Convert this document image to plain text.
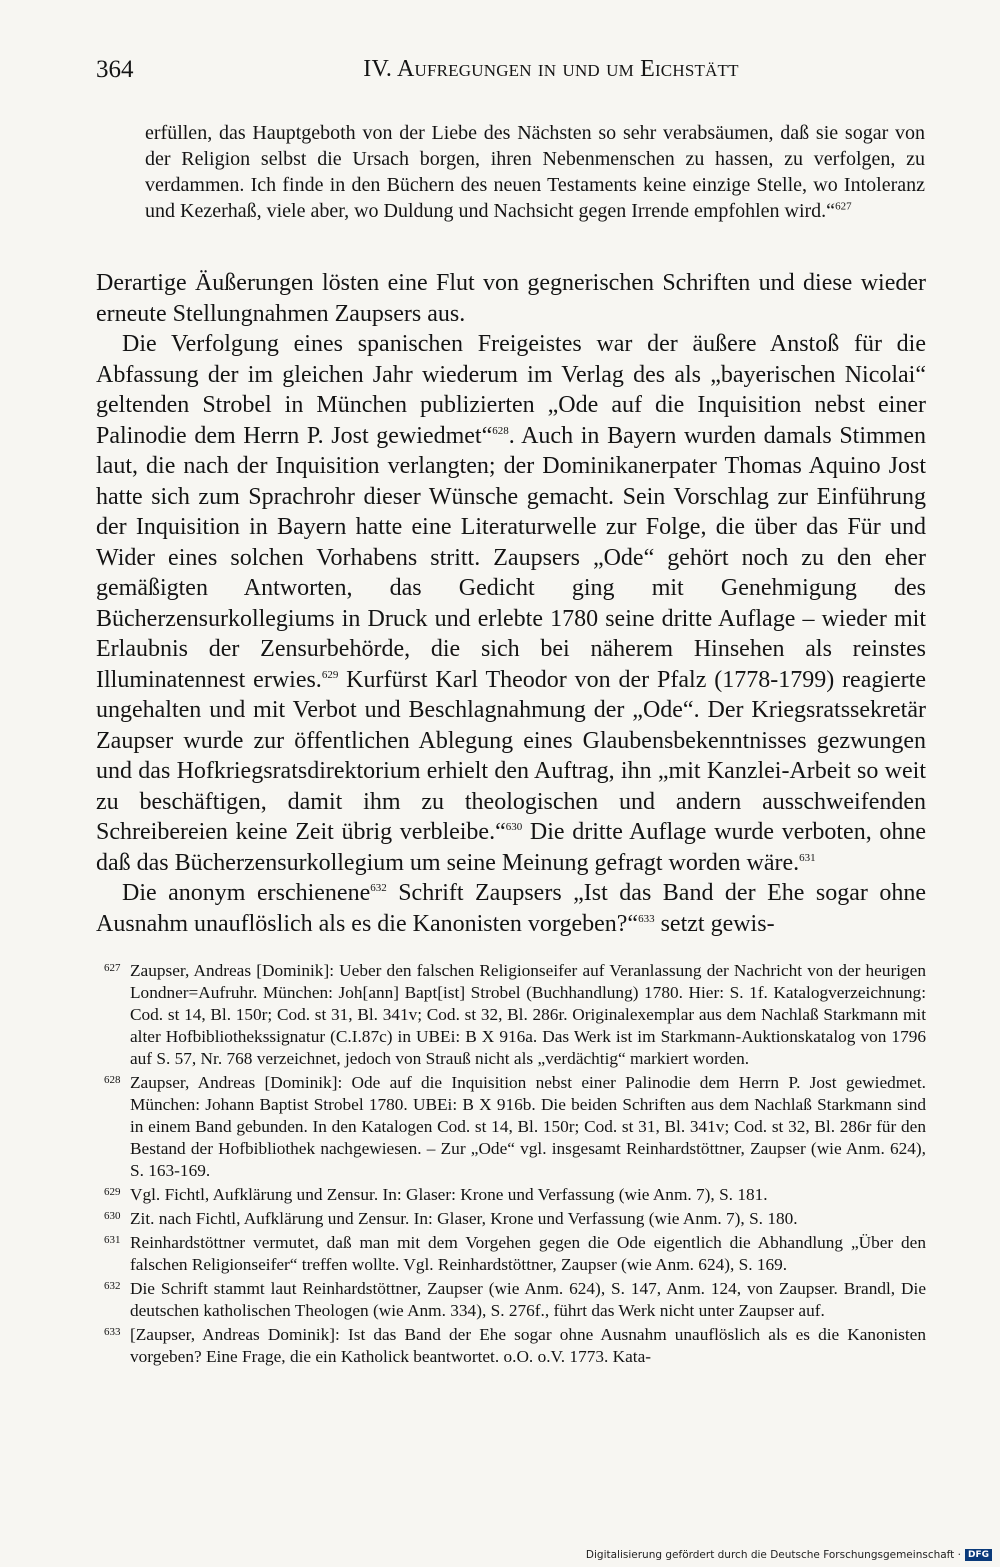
364	IV. Aufregungen in und um Eichstätt
erfüllen, das Hauptgeboth von der Liebe des Nächsten so sehr verabsäumen, daß sie sogar von der Religion selbst die Ursach borgen, ihren Nebenmenschen zu hassen, zu verfolgen, zu verdammen. Ich finde in den Büchern des neuen Testaments keine einzige Stelle, wo Intoleranz und Kezerhaß, viele aber, wo Duldung und Nachsicht gegen Irrende empfohlen wird.“$^{627}$

Derartige Äußerungen lösten eine Flut von gegnerischen Schriften und diese wieder erneute Stellungnahmen Zaupsers aus.

Die Verfolgung eines spanischen Freigeistes war der äußere Anstoß für die Abfassung der im gleichen Jahr wiederum im Verlag des als „bayerischen Nicolai“ geltenden Strobel in München publizierten „Ode auf die Inquisition nebst einer Palinodie dem Herrn P. Jost gewiedmet“$^{628}$. Auch in Bayern wurden damals Stimmen laut, die nach der Inquisition verlangten; der Dominikanerpater Thomas Aquino Jost hatte sich zum Sprachrohr dieser Wünsche gemacht. Sein Vorschlag zur Einführung der Inquisition in Bayern hatte eine Literaturwelle zur Folge, die über das Für und Wider eines solchen Vorhabens stritt. Zaupsers „Ode“ gehört noch zu den eher gemäßigten Antworten, das Gedicht ging mit Genehmigung des Bücherzensurkollegiums in Druck und erlebte 1780 seine dritte Auflage – wieder mit Erlaubnis der Zensurbehörde, die sich bei näherem Hinsehen als reinstes Illuminatennest erwies.$^{629}$ Kurfürst Karl Theodor von der Pfalz (1778-1799) reagierte ungehalten und mit Verbot und Beschlagnahmung der „Ode“. Der Kriegsratssekretär Zaupser wurde zur öffentlichen Ablegung eines Glaubensbekenntnisses gezwungen und das Hofkriegsratsdirektorium erhielt den Auftrag, ihn „mit Kanzlei-Arbeit so weit zu beschäftigen, damit ihm zu theologischen und andern ausschweifenden Schreibereien keine Zeit übrig verbleibe.“$^{630}$ Die dritte Auflage wurde verboten, ohne daß das Bücherzensurkollegium um seine Meinung gefragt worden wäre.$^{631}$

Die anonym erschienene$^{632}$ Schrift Zaupsers „Ist das Band der Ehe sogar ohne Ausnahm unauflöslich als es die Kanonisten vorgeben?“$^{633}$ setzt gewis-

627 Zaupser, Andreas [Dominik]: Ueber den falschen Religionseifer auf Veranlassung der Nachricht von der heurigen Londner=Aufruhr. München: Joh[ann] Bapt[ist] Strobel (Buchhandlung) 1780. Hier: S. 1f. Katalogverzeichnung: Cod. st 14, Bl. 150r; Cod. st 31, Bl. 341v; Cod. st 32, Bl. 286r. Originalexemplar aus dem Nachlaß Starkmann mit alter Hofbibliothekssignatur (C.I.87c) in UBEi: B X 916a. Das Werk ist im Starkmann-Auktionskatalog von 1796 auf S. 57, Nr. 768 verzeichnet, jedoch von Strauß nicht als „verdächtig“ markiert worden.
628 Zaupser, Andreas [Dominik]: Ode auf die Inquisition nebst einer Palinodie dem Herrn P. Jost gewiedmet. München: Johann Baptist Strobel 1780. UBEi: B X 916b. Die beiden Schriften aus dem Nachlaß Starkmann sind in einem Band gebunden. In den Katalogen Cod. st 14, Bl. 150r; Cod. st 31, Bl. 341v; Cod. st 32, Bl. 286r für den Bestand der Hofbibliothek nachgewiesen. – Zur „Ode“ vgl. insgesamt Reinhardstöttner, Zaupser (wie Anm. 624), S. 163-169.
629 Vgl. Fichtl, Aufklärung und Zensur. In: Glaser: Krone und Verfassung (wie Anm. 7), S. 181.
630 Zit. nach Fichtl, Aufklärung und Zensur. In: Glaser, Krone und Verfassung (wie Anm. 7), S. 180.
631 Reinhardstöttner vermutet, daß man mit dem Vorgehen gegen die Ode eigentlich die Abhandlung „Über den falschen Religionseifer“ treffen wollte. Vgl. Reinhardstöttner, Zaupser (wie Anm. 624), S. 169.
632 Die Schrift stammt laut Reinhardstöttner, Zaupser (wie Anm. 624), S. 147, Anm. 124, von Zaupser. Brandl, Die deutschen katholischen Theologen (wie Anm. 334), S. 276f., führt das Werk nicht unter Zaupser auf.
633 [Zaupser, Andreas Dominik]: Ist das Band der Ehe sogar ohne Ausnahm unauflöslich als es die Kanonisten vorgeben? Eine Frage, die ein Katholick beantwortet. o.O. o.V. 1773. Kata-
Digitalisierung gefördert durch die Deutsche Forschungsgemeinschaft · DFG
